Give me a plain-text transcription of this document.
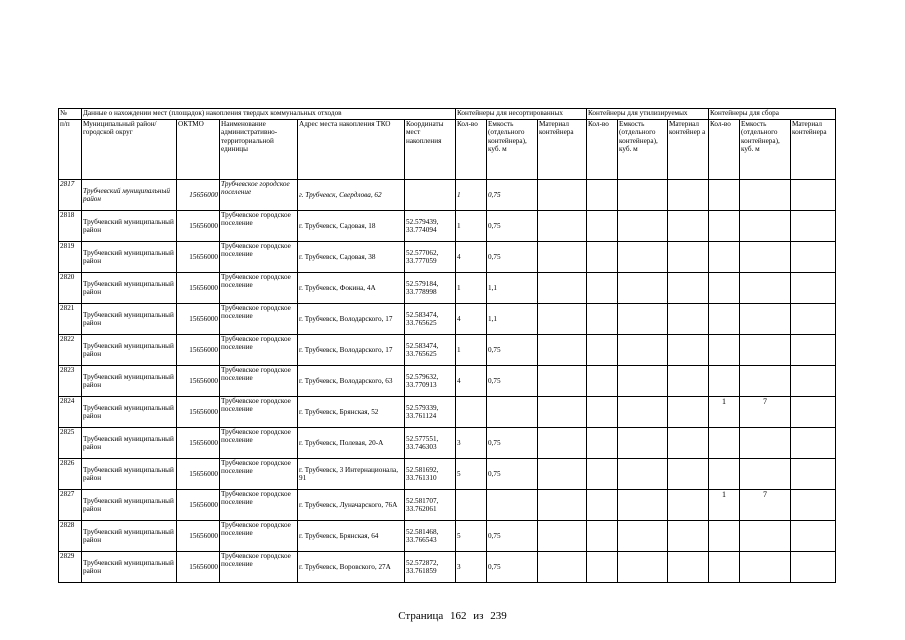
№	Данные о нахождении мест (площадок) накопления твердых коммунальных отходов					Контейнеры для несортированных			Контейнеры для утилизируемых			Контейнеры для сбора		
п/п	Муниципальный район/городской округ	ОКТМО	Наименование административно-территориальной единицы	Адрес места накопления ТКО	Координаты мест накопления	Кол-во	Емкость (отдельного контейнера), куб. м	Материал контейнера	Кол-во	Емкость (отдельного контейнера), куб. м	Материал контейнер а	Кол-во	Емкость (отдельного контейнера), куб. м	Материал контейнера
2817	Трубчевский муниципальный район	15656000	Трубчевское городское поселение	г. Трубчевск, Свердлова, 62		1	0,75							
2818	Трубчевский муниципальный район	15656000	Трубчевское городское поселение	г. Трубчевск, Садовая, 18	52.579439, 33.774094	1	0,75							
2819	Трубчевский муниципальный район	15656000	Трубчевское городское поселение	г. Трубчевск, Садовая, 38	52.577062, 33.777059	4	0,75							
2820	Трубчевский муниципальный район	15656000	Трубчевское городское поселение	г. Трубчевск, Фокина, 4А	52.579184, 33.778998	1	1,1							
2821	Трубчевский муниципальный район	15656000	Трубчевское городское поселение	г. Трубчевск, Володарского, 17	52.583474, 33.765625	4	1,1							
2822	Трубчевский муниципальный район	15656000	Трубчевское городское поселение	г. Трубчевск, Володарского, 17	52.583474, 33.765625	1	0,75							
2823	Трубчевский муниципальный район	15656000	Трубчевское городское поселение	г. Трубчевск, Володарского, 63	52.579632, 33.770913	4	0,75							
2824	Трубчевский муниципальный район	15656000	Трубчевское городское поселение	г. Трубчевск, Брянская, 52	52.579339, 33.761124							1	7	
2825	Трубчевский муниципальный район	15656000	Трубчевское городское поселение	г. Трубчевск, Полевая, 20-А	52.577551, 33.746303	3	0,75							
2826	Трубчевский муниципальный район	15656000	Трубчевское городское поселение	г. Трубчевск, 3 Интернационала, 91	52.581692, 33.761310	5	0,75							
2827	Трубчевский муниципальный район	15656000	Трубчевское городское поселение	г. Трубчевск, Луначарского, 76А	52.581707, 33.762061							1	7	
2828	Трубчевский муниципальный район	15656000	Трубчевское городское поселение	г. Трубчевск, Брянская, 64	52.581468, 33.766543	5	0,75							
2829	Трубчевский муниципальный район	15656000	Трубчевское городское поселение	г. Трубчевск, Воровского, 27А	52.572872, 33.761859	3	0,75							
Страница 162 из 239
